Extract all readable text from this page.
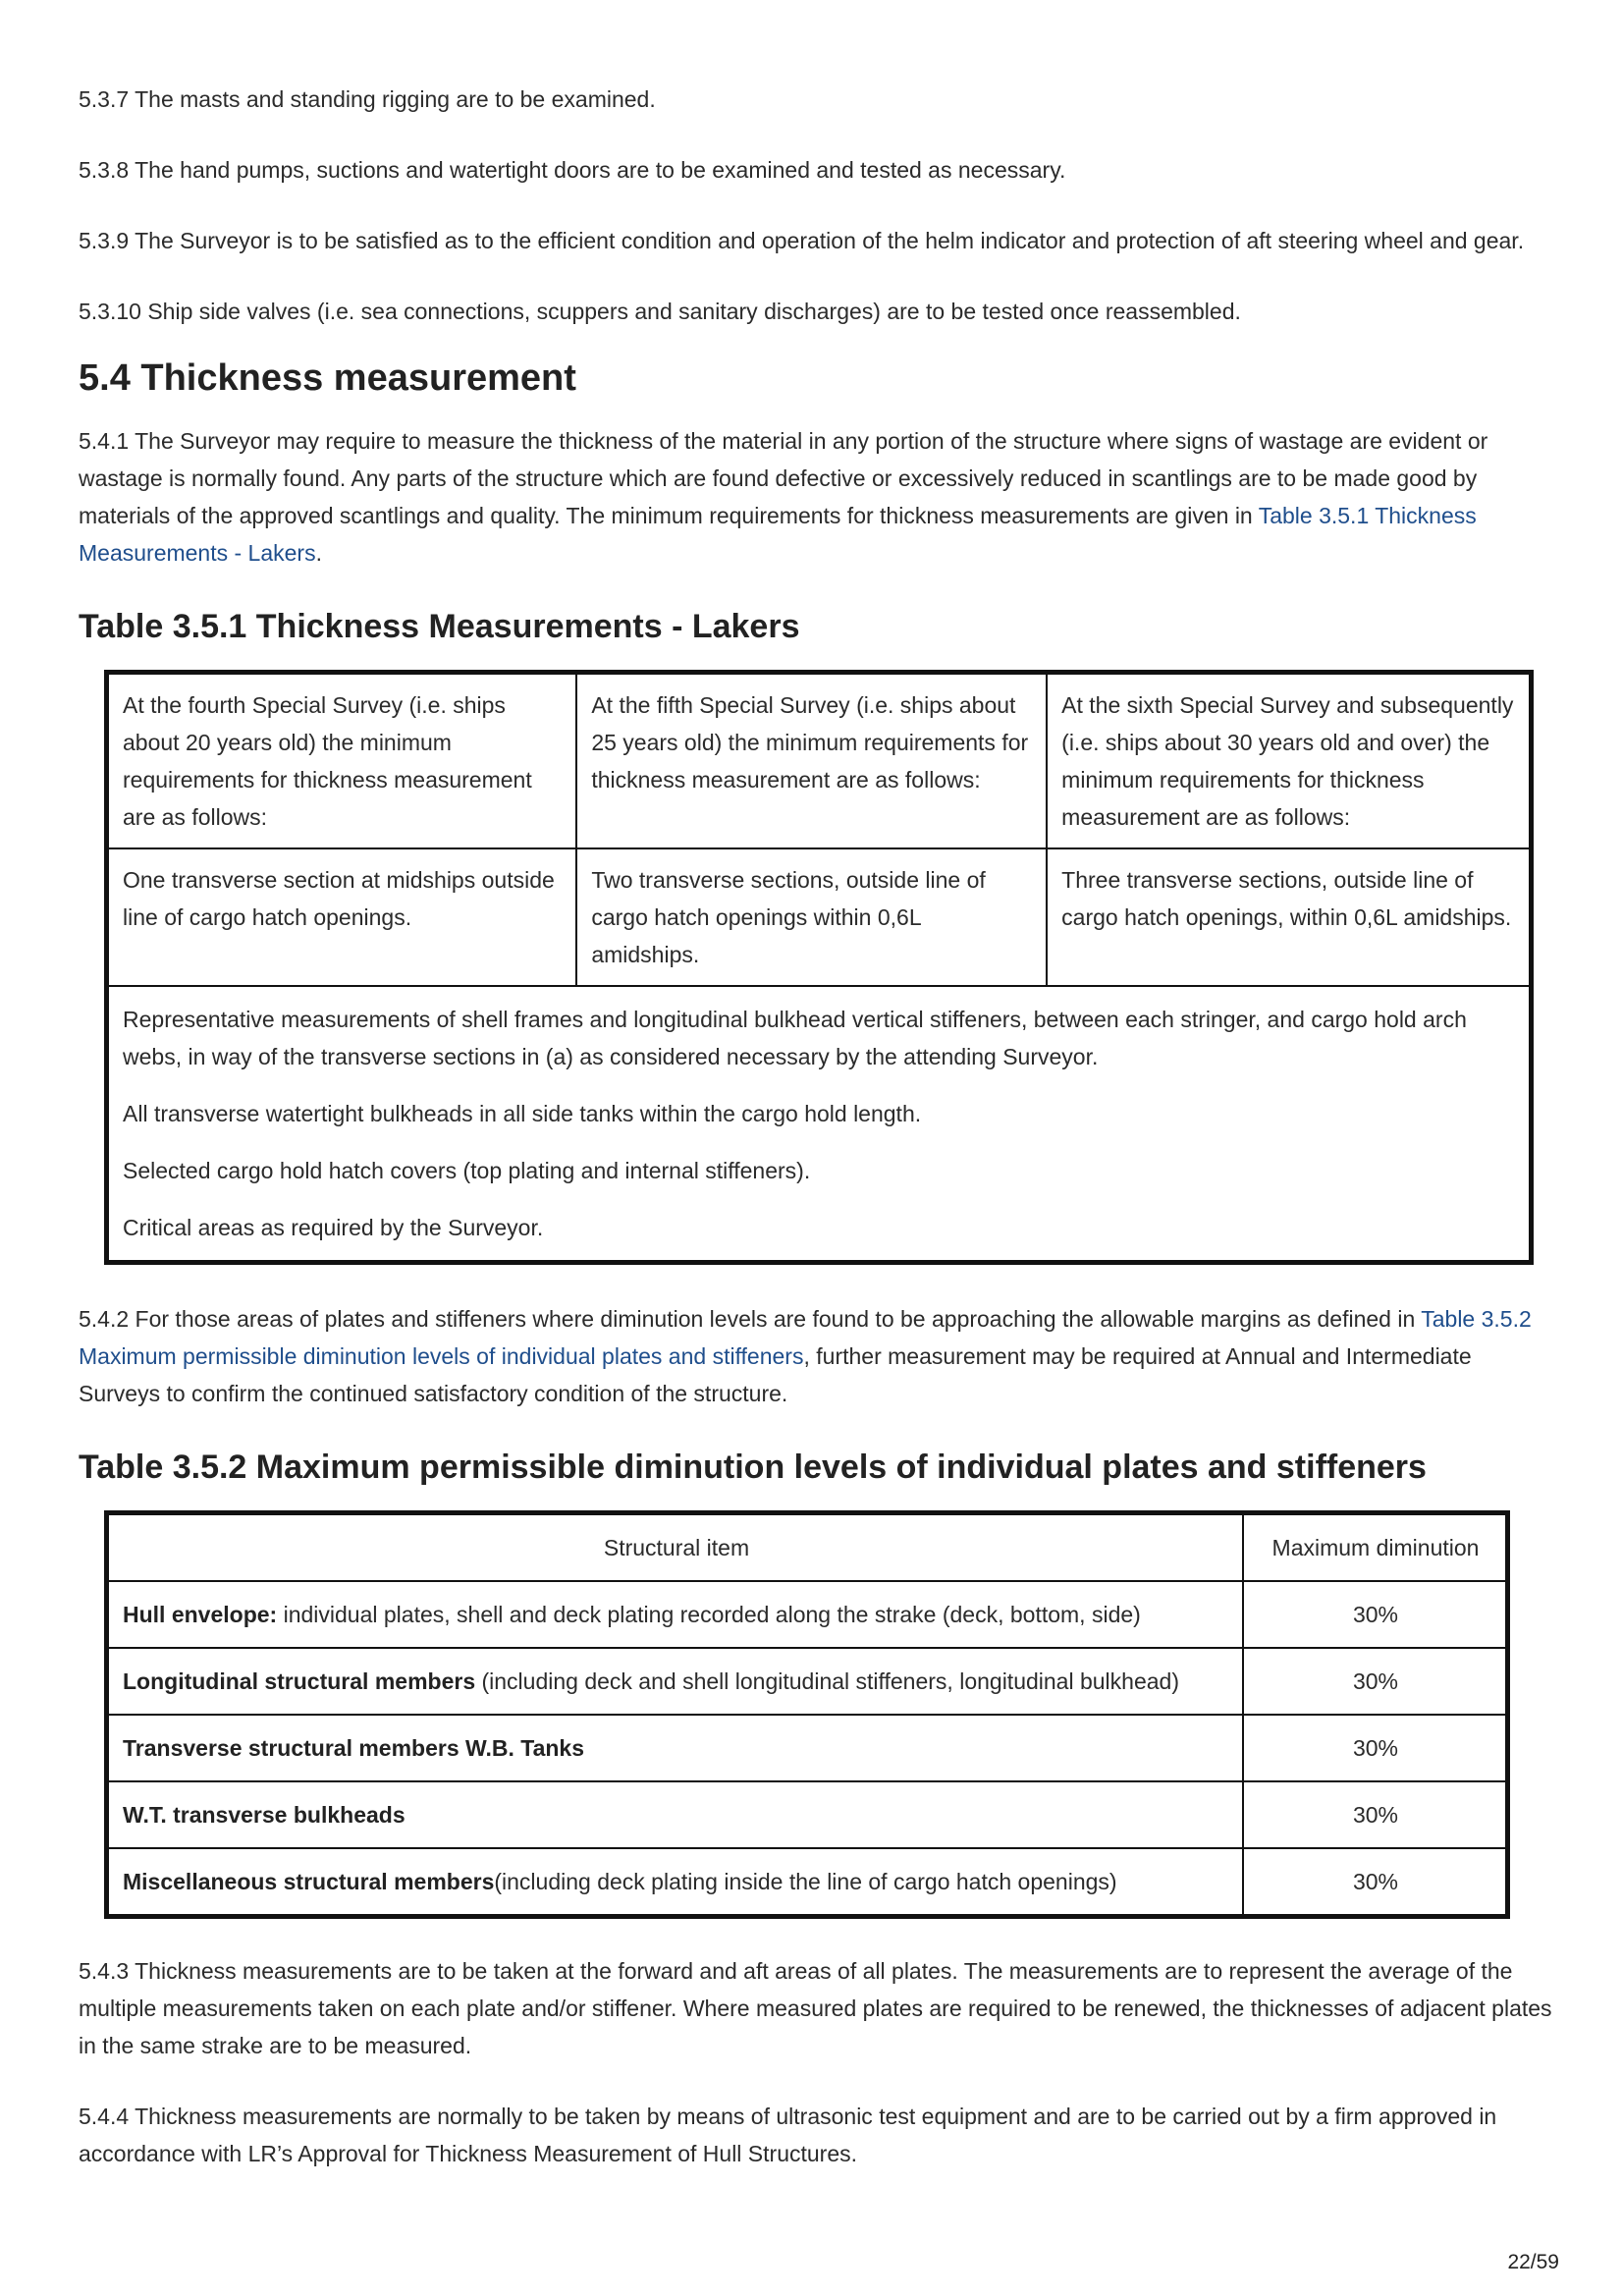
5.3.7 The masts and standing rigging are to be examined.

5.3.8 The hand pumps, suctions and watertight doors are to be examined and tested as necessary.

5.3.9 The Surveyor is to be satisfied as to the efficient condition and operation of the helm indicator and protection of aft steering wheel and gear.

5.3.10 Ship side valves (i.e. sea connections, scuppers and sanitary discharges) are to be tested once reassembled.

5.4 Thickness measurement

5.4.1 The Surveyor may require to measure the thickness of the material in any portion of the structure where signs of wastage are evident or wastage is normally found. Any parts of the structure which are found defective or excessively reduced in scantlings are to be made good by materials of the approved scantlings and quality. The minimum requirements for thickness measurements are given in Table 3.5.1 Thickness Measurements - Lakers.

Table 3.5.1 Thickness Measurements - Lakers
At the fourth Special Survey (i.e. ships about 20 years old) the minimum requirements for thickness measurement are as follows:	At the fifth Special Survey (i.e. ships about 25 years old) the minimum requirements for thickness measurement are as follows:	At the sixth Special Survey and subsequently (i.e. ships about 30 years old and over) the minimum requirements for thickness measurement are as follows:
One transverse section at midships outside line of cargo hatch openings.	Two transverse sections, outside line of cargo hatch openings within 0,6L amidships.	Three transverse sections, outside line of cargo hatch openings, within 0,6L amidships.
Representative measurements of shell frames and longitudinal bulkhead vertical stiffeners, between each stringer, and cargo hold arch webs, in way of the transverse sections in (a) as considered necessary by the attending Surveyor.		
All transverse watertight bulkheads in all side tanks within the cargo hold length.		
Selected cargo hold hatch covers (top plating and internal stiffeners).		
Critical areas as required by the Surveyor.		

5.4.2 For those areas of plates and stiffeners where diminution levels are found to be approaching the allowable margins as defined in Table 3.5.2 Maximum permissible diminution levels of individual plates and stiffeners, further measurement may be required at Annual and Intermediate Surveys to confirm the continued satisfactory condition of the structure.

Table 3.5.2 Maximum permissible diminution levels of individual plates and stiffeners
Structural item	Maximum diminution
Hull envelope: individual plates, shell and deck plating recorded along the strake (deck, bottom, side)	30%
Longitudinal structural members (including deck and shell longitudinal stiffeners, longitudinal bulkhead)	30%
Transverse structural members W.B. Tanks	30%
W.T. transverse bulkheads	30%
Miscellaneous structural members(including deck plating inside the line of cargo hatch openings)	30%

5.4.3 Thickness measurements are to be taken at the forward and aft areas of all plates. The measurements are to represent the average of the multiple measurements taken on each plate and/or stiffener. Where measured plates are required to be renewed, the thicknesses of adjacent plates in the same strake are to be measured.

5.4.4 Thickness measurements are normally to be taken by means of ultrasonic test equipment and are to be carried out by a firm approved in accordance with LR’s Approval for Thickness Measurement of Hull Structures.

22/59
